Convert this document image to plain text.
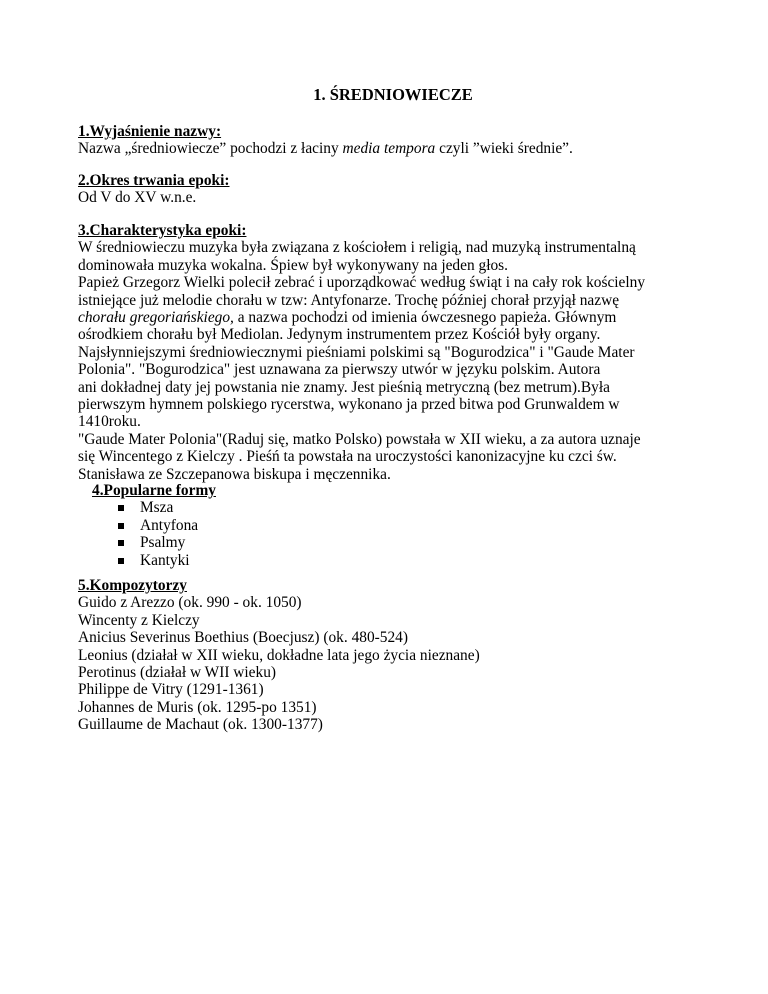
1. ŚREDNIOWIECZE
1.Wyjaśnienie nazwy:
Nazwa „średniowiecze” pochodzi z łaciny media tempora czyli ”wieki średnie”.
2.Okres trwania epoki:
Od V do XV w.n.e.
3.Charakterystyka epoki:
W średniowieczu muzyka była związana z kościołem i religią, nad muzyką instrumentalną
dominowała muzyka wokalna. Śpiew był wykonywany na jeden głos.
Papież Grzegorz Wielki polecił zebrać i uporządkować według świąt i na cały rok kościelny
istniejące już melodie chorału w tzw: Antyfonarze. Trochę później chorał przyjął nazwę
chorału gregoriańskiego, a nazwa pochodzi od imienia ówczesnego papieża. Głównym
ośrodkiem chorału był Mediolan. Jedynym instrumentem przez Kościół były organy.
Najsłynniejszymi średniowiecznymi pieśniami polskimi są "Bogurodzica" i "Gaude Mater
Polonia". "Bogurodzica" jest uznawana za pierwszy utwór w języku polskim. Autora
ani dokładnej daty jej powstania nie znamy. Jest pieśnią metryczną (bez metrum).Była
pierwszym hymnem polskiego rycerstwa, wykonano ja przed bitwa pod Grunwaldem w
1410roku.
"Gaude Mater Polonia"(Raduj się, matko Polsko) powstała w XII wieku, a za autora uznaje
się Wincentego z Kielczy . Pieśń ta powstała na uroczystości kanonizacyjne ku czci św.
Stanisława ze Szczepanowa biskupa i męczennika.
4.Popularne formy
Msza
Antyfona
Psalmy
Kantyki
5.Kompozytorzy
Guido z Arezzo (ok. 990 - ok. 1050)
Wincenty z Kielczy
Anicius Severinus Boethius (Boecjusz) (ok. 480-524)
Leonius (działał w XII wieku, dokładne lata jego życia nieznane)
Perotinus (działał w WII wieku)
Philippe de Vitry (1291-1361)
Johannes de Muris (ok. 1295-po 1351)
Guillaume de Machaut (ok. 1300-1377)
